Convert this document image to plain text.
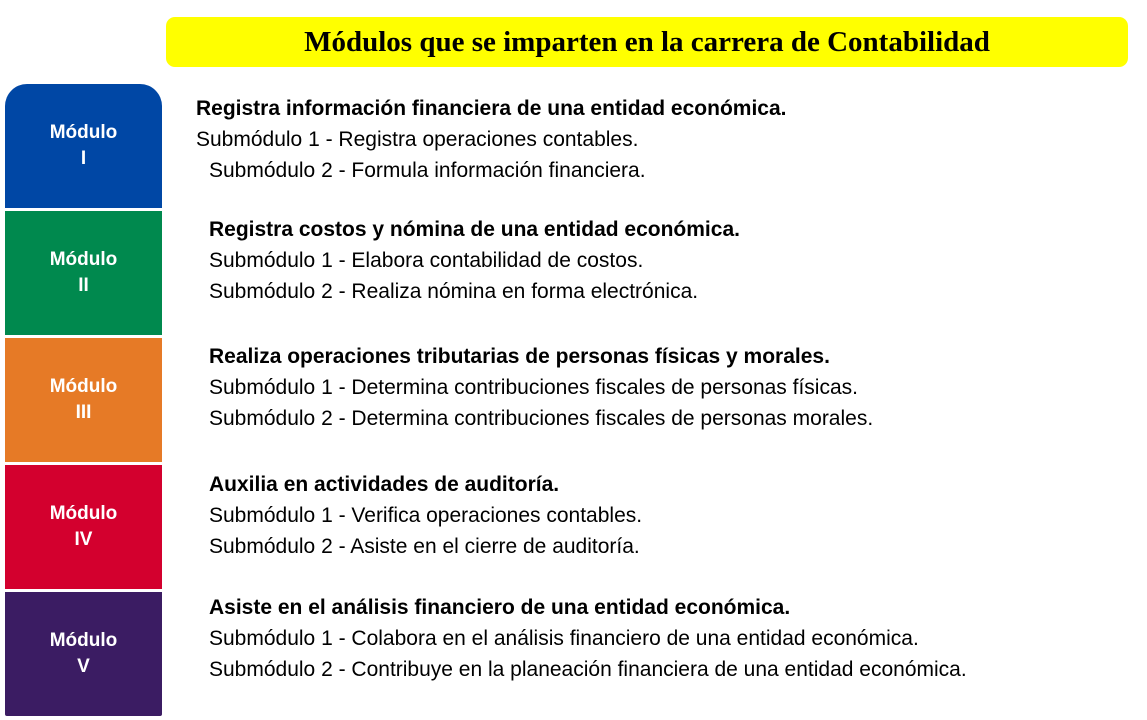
Módulos que se imparten en la carrera de Contabilidad
Módulo
I
Módulo
II
Módulo
III
Módulo
IV
Módulo
V
Registra información financiera de una entidad económica.
Submódulo 1 - Registra operaciones contables.
Submódulo 2 - Formula información financiera.
Registra costos y nómina de una entidad económica.
Submódulo 1 - Elabora contabilidad de costos.
Submódulo 2 - Realiza nómina en forma electrónica.
Realiza operaciones tributarias de personas físicas y morales.
Submódulo 1 - Determina contribuciones fiscales de personas físicas.
Submódulo 2 - Determina contribuciones fiscales de personas morales.
Auxilia en actividades de auditoría.
Submódulo 1 - Verifica operaciones contables.
Submódulo 2 - Asiste en el cierre de auditoría.
Asiste en el análisis financiero de una entidad económica.
Submódulo 1 - Colabora en el análisis financiero de una entidad económica.
Submódulo 2 - Contribuye en la planeación financiera de una entidad económica.
